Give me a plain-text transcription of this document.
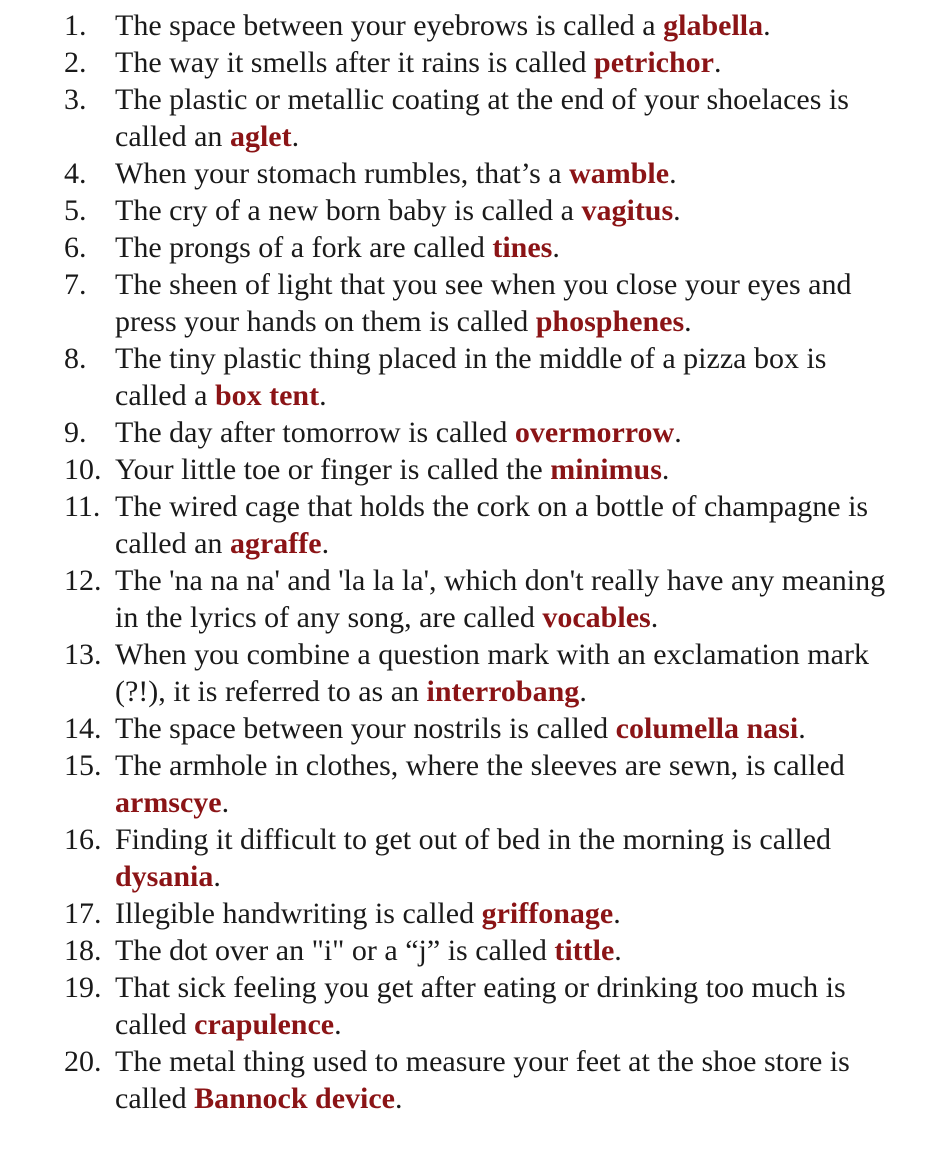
1. The space between your eyebrows is called a glabella.
2. The way it smells after it rains is called petrichor.
3. The plastic or metallic coating at the end of your shoelaces is called an aglet.
4. When your stomach rumbles, that’s a wamble.
5. The cry of a new born baby is called a vagitus.
6. The prongs of a fork are called tines.
7. The sheen of light that you see when you close your eyes and press your hands on them is called phosphenes.
8. The tiny plastic thing placed in the middle of a pizza box is called a box tent.
9. The day after tomorrow is called overmorrow.
10. Your little toe or finger is called the minimus.
11. The wired cage that holds the cork on a bottle of champagne is called an agraffe.
12. The 'na na na' and 'la la la', which don't really have any meaning in the lyrics of any song, are called vocables.
13. When you combine a question mark with an exclamation mark (?!), it is referred to as an interrobang.
14. The space between your nostrils is called columella nasi.
15. The armhole in clothes, where the sleeves are sewn, is called armscye.
16. Finding it difficult to get out of bed in the morning is called dysania.
17. Illegible handwriting is called griffonage.
18. The dot over an "i" or a “j” is called tittle.
19. That sick feeling you get after eating or drinking too much is called crapulence.
20. The metal thing used to measure your feet at the shoe store is called Bannock device.
